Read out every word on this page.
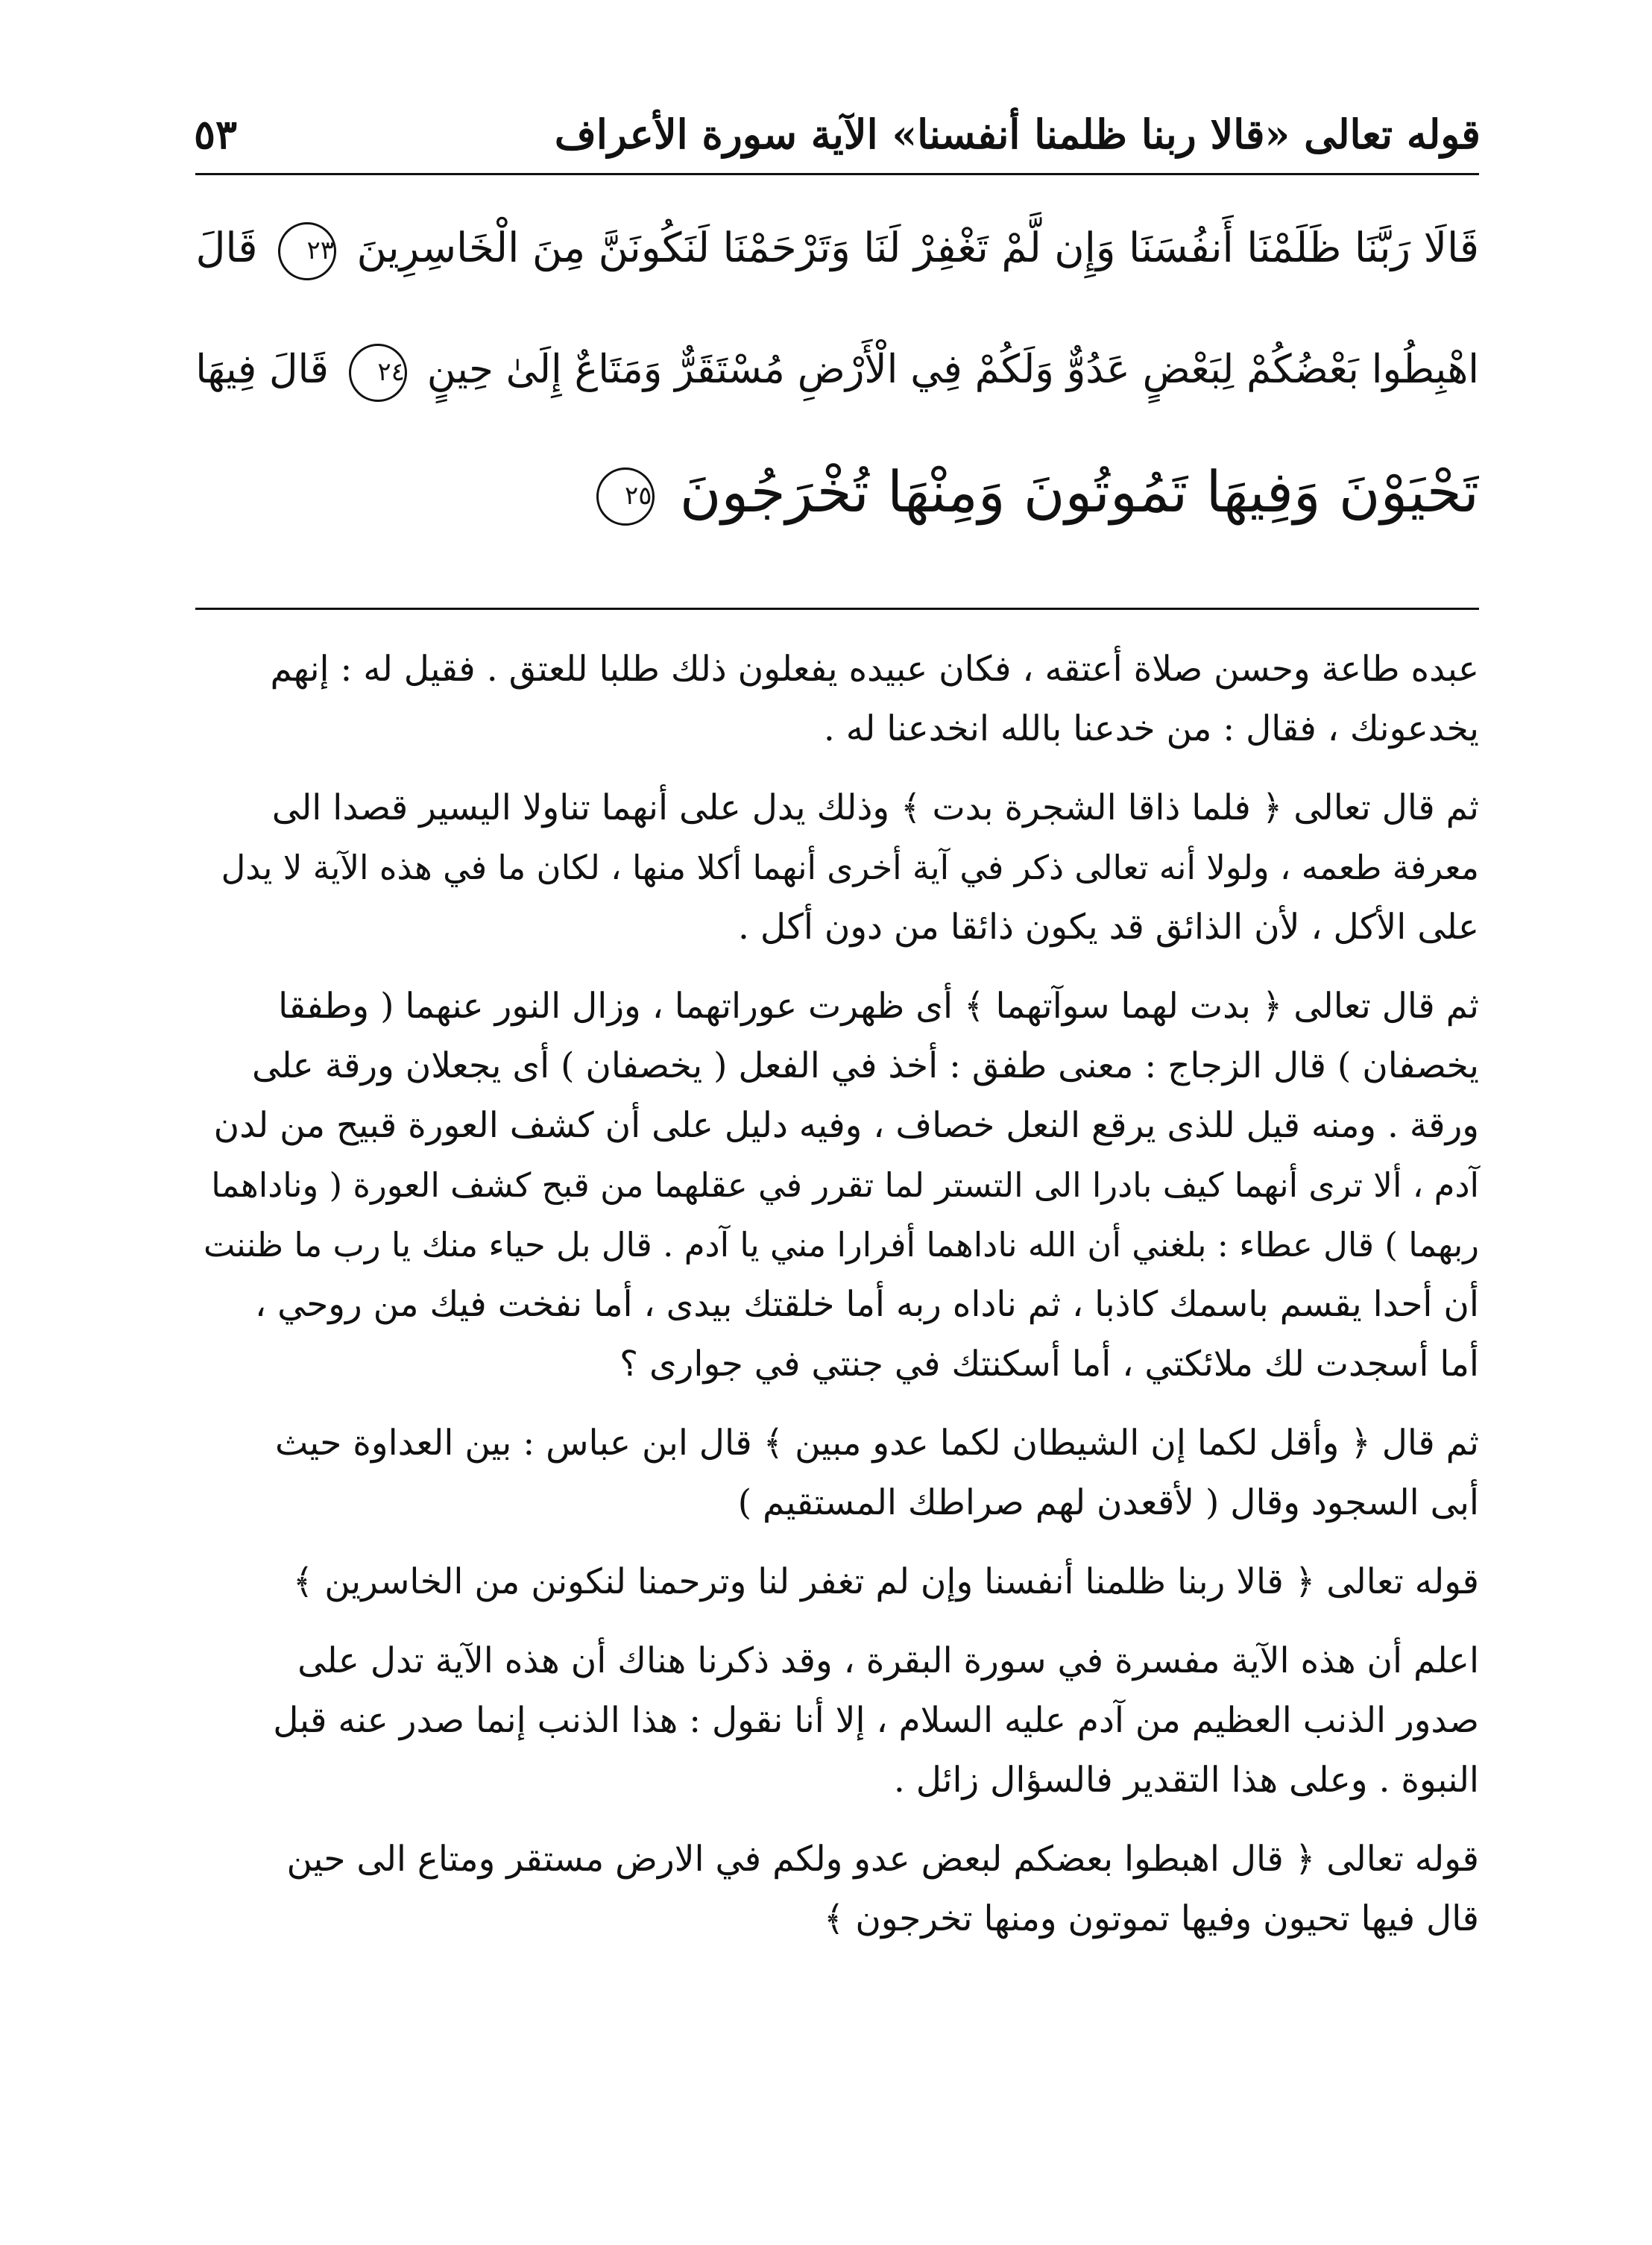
قوله تعالى «قالا ربنا ظلمنا أنفسنا» الآية سورة الأعراف
٥٣
قَالَا رَبَّنَا ظَلَمْنَا أَنفُسَنَا وَإِن لَّمْ تَغْفِرْ لَنَا وَتَرْحَمْنَا لَنَكُونَنَّ مِنَ الْخَاسِرِينَ ٢٣ قَالَ
اهْبِطُوا بَعْضُكُمْ لِبَعْضٍ عَدُوٌّ وَلَكُمْ فِي الْأَرْضِ مُسْتَقَرٌّ وَمَتَاعٌ إِلَىٰ حِينٍ ٢٤ قَالَ فِيهَا
تَحْيَوْنَ وَفِيهَا تَمُوتُونَ وَمِنْهَا تُخْرَجُونَ ٢٥
عبده طاعة وحسن صلاة أعتقه ، فكان عبيده يفعلون ذلك طلبا للعتق . فقيل له : إنهم
يخدعونك ، فقال : من خدعنا بالله انخدعنا له .
ثم قال تعالى ﴿ فلما ذاقا الشجرة بدت ﴾ وذلك يدل على أنهما تناولا اليسير قصدا الى
معرفة طعمه ، ولولا أنه تعالى ذكر في آية أخرى أنهما أكلا منها ، لكان ما في هذه الآية لا يدل
على الأكل ، لأن الذائق قد يكون ذائقا من دون أكل .
ثم قال تعالى ﴿ بدت لهما سوآتهما ﴾ أى ظهرت عوراتهما ، وزال النور عنهما ( وطفقا
يخصفان ) قال الزجاج : معنى طفق : أخذ في الفعل ( يخصفان ) أى يجعلان ورقة على
ورقة . ومنه قيل للذى يرقع النعل خصاف ، وفيه دليل على أن كشف العورة قبيح من لدن
آدم ، ألا ترى أنهما كيف بادرا الى التستر لما تقرر في عقلهما من قبح كشف العورة ( وناداهما
ربهما ) قال عطاء : بلغني أن الله ناداهما أفرارا مني يا آدم . قال بل حياء منك يا رب ما ظننت
أن أحدا يقسم باسمك كاذبا ، ثم ناداه ربه أما خلقتك بيدى ، أما نفخت فيك من روحي ،
أما أسجدت لك ملائكتي ، أما أسكنتك في جنتي في جوارى ؟
ثم قال ﴿ وأقل لكما إن الشيطان لكما عدو مبين ﴾ قال ابن عباس : بين العداوة حيث
أبى السجود وقال ( لأقعدن لهم صراطك المستقيم )
قوله تعالى ﴿ قالا ربنا ظلمنا أنفسنا وإن لم تغفر لنا وترحمنا لنكونن من الخاسرين ﴾
اعلم أن هذه الآية مفسرة في سورة البقرة ، وقد ذكرنا هناك أن هذه الآية تدل على
صدور الذنب العظيم من آدم عليه السلام ، إلا أنا نقول : هذا الذنب إنما صدر عنه قبل
النبوة . وعلى هذا التقدير فالسؤال زائل .
قوله تعالى ﴿ قال اهبطوا بعضكم لبعض عدو ولكم في الارض مستقر ومتاع الى حين
قال فيها تحيون وفيها تموتون ومنها تخرجون ﴾
